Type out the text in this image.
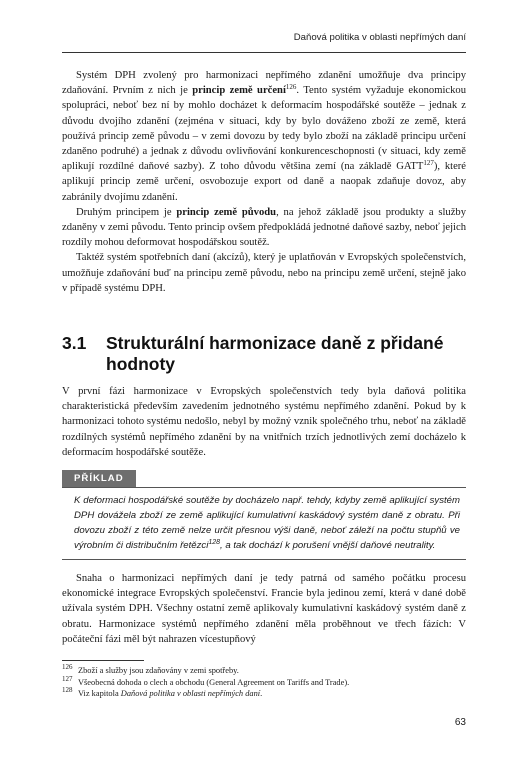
Daňová politika v oblasti nepřímých daní

Systém DPH zvolený pro harmonizaci nepřímého zdanění umožňuje dva principy zdaňování. Prvním z nich je princip země určení$^{126}$. Tento systém vyžaduje ekonomickou spolupráci, neboť bez ní by mohlo docházet k deformacím hospodářské soutěže – jednak z důvodu dvojího zdanění (zejména v situaci, kdy by bylo dováženo zboží ze země, která používá princip země původu – v zemi dovozu by tedy bylo zboží na základě principu určení zdaněno podruhé) a jednak z důvodu ovlivňování konkurenceschopnosti (v situaci, kdy země aplikují rozdílné daňové sazby). Z toho důvodu většina zemí (na základě GATT$^{127}$), které aplikují princip země určení, osvobozuje export od daně a naopak zdaňuje dovoz, aby zabránily dvojímu zdanění.

Druhým principem je princip země původu, na jehož základě jsou produkty a služby zdaněny v zemi původu. Tento princip ovšem předpokládá jednotné daňové sazby, neboť jejich rozdíly mohou deformovat hospodářskou soutěž.

Taktéž systém spotřebních daní (akcízů), který je uplatňován v Evropských společenstvích, umožňuje zdaňování buď na principu země původu, nebo na principu země určení, stejně jako v případě systému DPH.

3.1	Strukturální harmonizace daně z přidané hodnoty

V první fázi harmonizace v Evropských společenstvích tedy byla daňová politika charakteristická především zavedením jednotného systému nepřímého zdanění. Pokud by k harmonizaci tohoto systému nedošlo, nebyl by možný vznik společného trhu, neboť na základě rozdílných systémů nepřímého zdanění by na vnitřních trzích jednotlivých zemí docházelo k deformacím hospodářské soutěže.

PŘÍKLAD
K deformaci hospodářské soutěže by docházelo např. tehdy, kdyby země aplikující systém DPH dovážela zboží ze země aplikující kumulativní kaskádový systém daně z obratu. Při dovozu zboží z této země nelze určit přesnou výši daně, neboť záleží na počtu stupňů ve výrobním či distribučním řetězci$^{128}$, a tak dochází k porušení vnější daňové neutrality.

Snaha o harmonizaci nepřímých daní je tedy patrná od samého počátku procesu ekonomické integrace Evropských společenství. Francie byla jedinou zemí, která v dané době užívala systém DPH. Všechny ostatní země aplikovaly kumulativní kaskádový systém daně z obratu. Harmonizace systémů nepřímého zdanění měla proběhnout ve třech fázích: V počáteční fázi měl být nahrazen vícestupňový

$^{126}$ Zboží a služby jsou zdaňovány v zemi spotřeby.
$^{127}$ Všeobecná dohoda o clech a obchodu (General Agreement on Tariffs and Trade).
$^{128}$ Viz kapitola Daňová politika v oblasti nepřímých daní.
63
